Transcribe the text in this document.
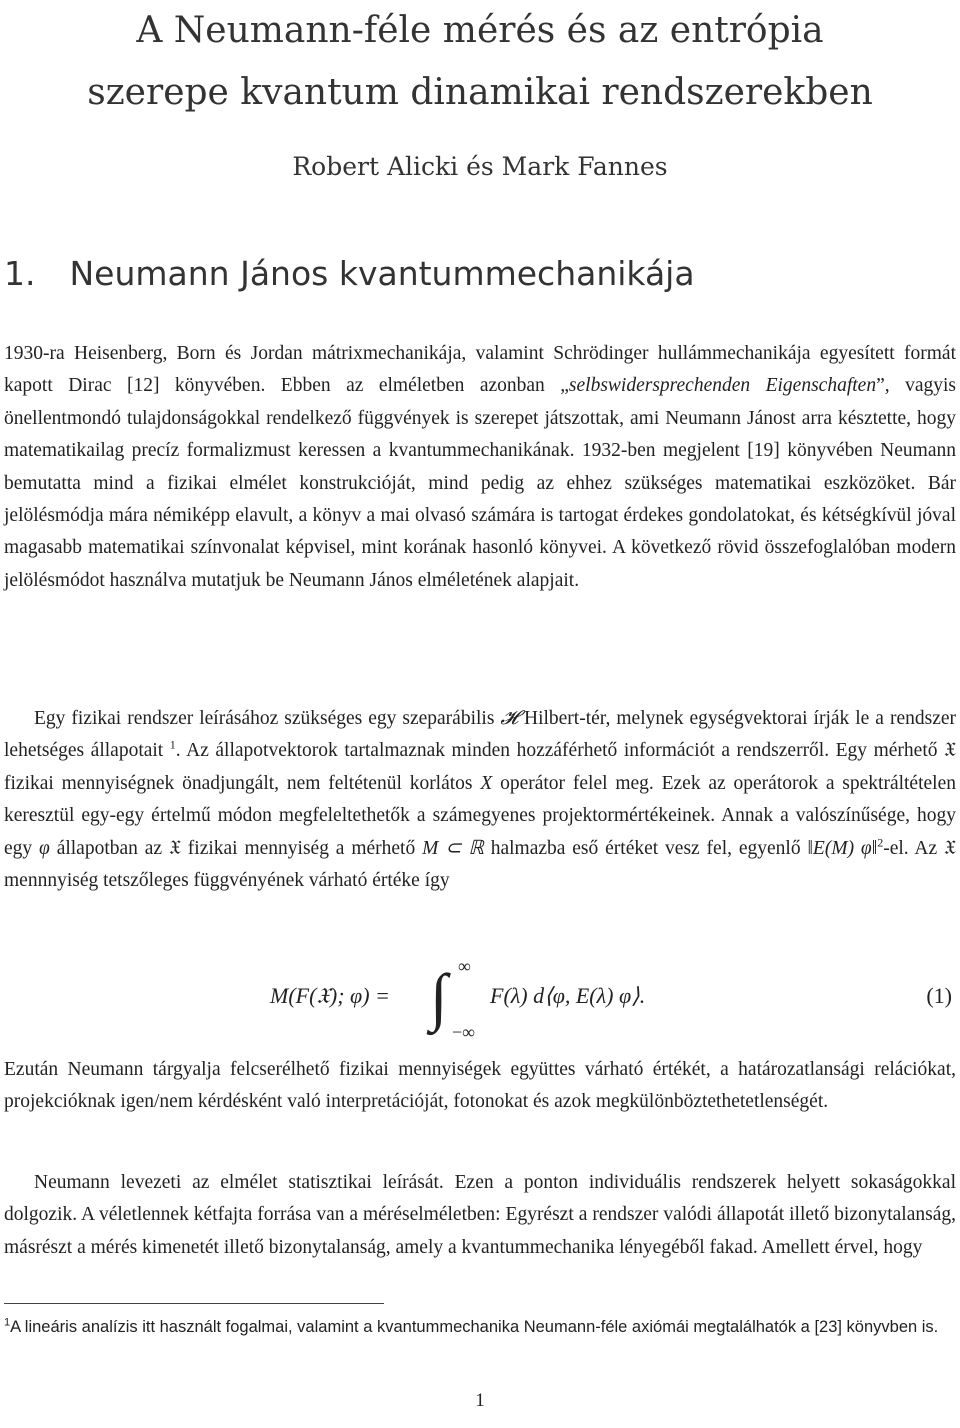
A Neumann-féle mérés és az entrópia
szerepe kvantum dinamikai rendszerekben
Robert Alicki és Mark Fannes
1. Neumann János kvantummechanikája
1930-ra Heisenberg, Born és Jordan mátrixmechanikája, valamint Schrödinger hullámmechanikája egyesített formát kapott Dirac [12] könyvében. Ebben az elméletben azonban „selbswidersprechenden Eigenschaften”, vagyis önellentmondó tulajdonságokkal rendelkező függvények is szerepet játszottak, ami Neumann Jánost arra késztette, hogy matematikailag precíz formalizmust keressen a kvantummechanikának. 1932-ben megjelent [19] könyvében Neumann bemutatta mind a fizikai elmélet konstrukcióját, mind pedig az ehhez szükséges matematikai eszközöket. Bár jelölésmódja mára némiképp elavult, a könyv a mai olvasó számára is tartogat érdekes gondolatokat, és kétségkívül jóval magasabb matematikai színvonalat képvisel, mint korának hasonló könyvei. A következő rövid összefoglalóban modern jelölésmódot használva mutatjuk be Neumann János elméletének alapjait.
Egy fizikai rendszer leírásához szükséges egy szeparábilis 𝓗 Hilbert-tér, melynek egységvektorai írják le a rendszer lehetséges állapotait $^1$. Az állapotvektorok tartalmaznak minden hozzáférhető információt a rendszerről. Egy mérhető 𝔛 fizikai mennyiségnek önadjungált, nem feltétenül korlátos X operátor felel meg. Ezek az operátorok a spektráltételen keresztül egy-egy értelmű módon megfeleltethetők a számegyenes projektormértékeinek. Annak a valószínűsége, hogy egy φ állapotban az 𝔛 fizikai mennyiség a mérhető M ⊂ ℝ halmazba eső értéket vesz fel, egyenlő ‖E(M) φ‖$^2$-el. Az 𝔛 mennnyiség tetszőleges függvényének várható értéke így
M(F(𝔛); φ) = ∫ ∞
−∞
F(λ) d⟨φ, E(λ) φ⟩.	(1)
Ezután Neumann tárgyalja felcserélhető fizikai mennyiségek együttes várható értékét, a határozatlansági relációkat, projekcióknak igen/nem kérdésként való interpretációját, fotonokat és azok megkülönböztethetetlenségét.
Neumann levezeti az elmélet statisztikai leírását. Ezen a ponton individuális rendszerek helyett sokaságokkal dolgozik. A véletlennek kétfajta forrása van a méréselméletben: Egyrészt a rendszer valódi állapotát illető bizonytalanság, másrészt a mérés kimenetét illető bizonytalanság, amely a kvantummechanika lényegéből fakad. Amellett érvel, hogy
$^1$A lineáris analízis itt használt fogalmai, valamint a kvantummechanika Neumann-féle axiómái megtalálhatók a [23] könyvben is.
1
